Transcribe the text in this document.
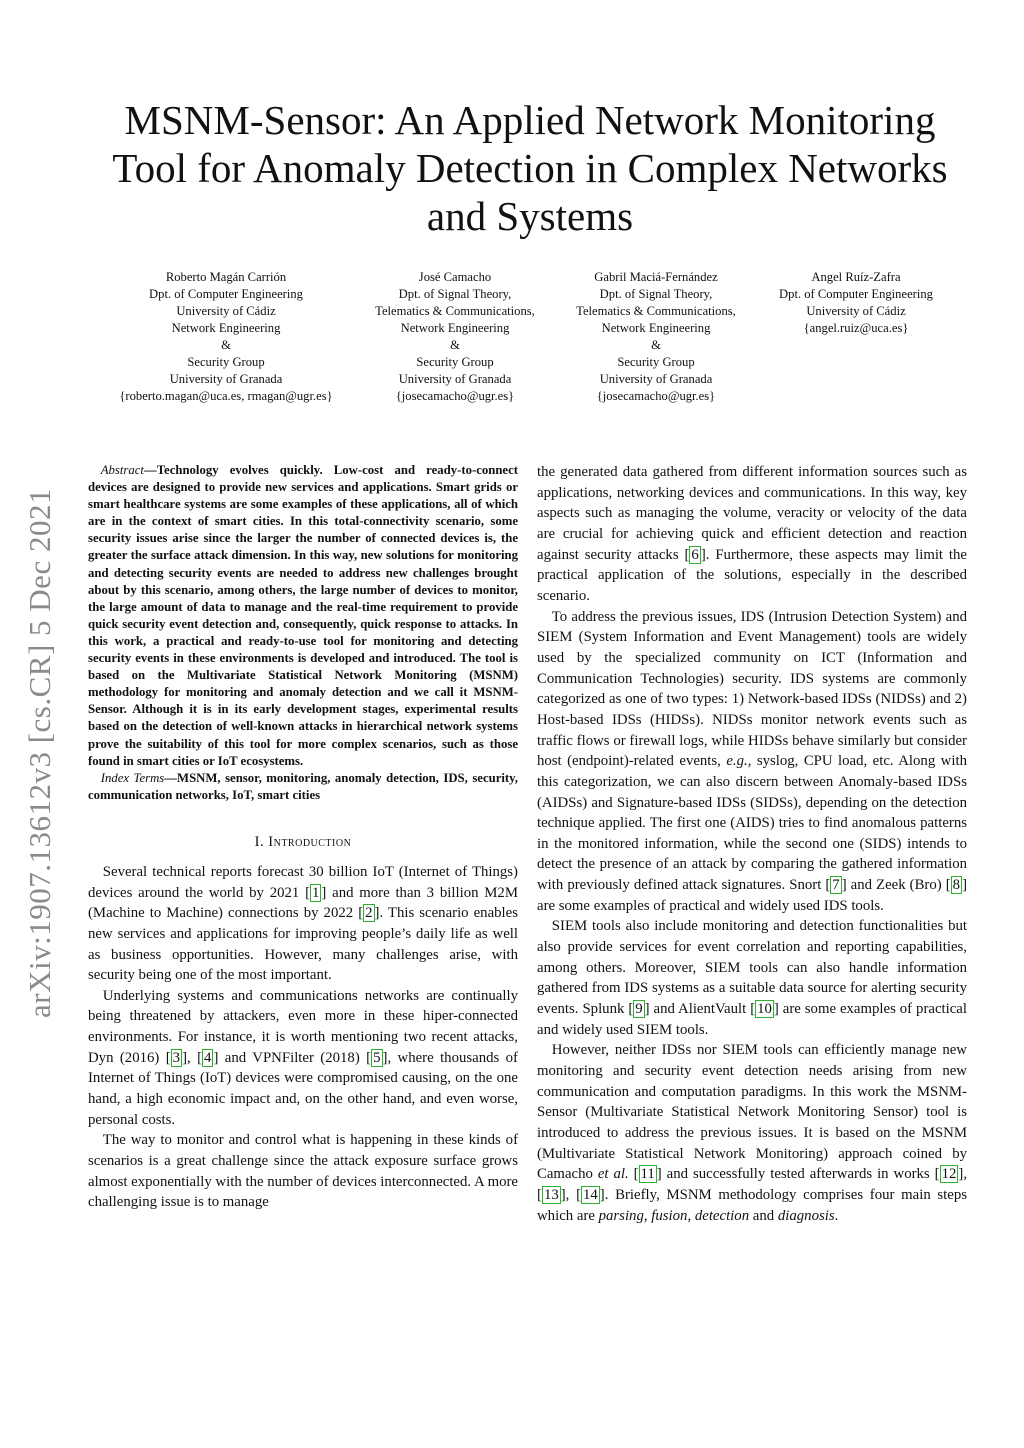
arXiv:1907.13612v3 [cs.CR] 5 Dec 2021
MSNM-Sensor: An Applied Network Monitoring
Tool for Anomaly Detection in Complex Networks
and Systems
Roberto Magán Carrión
Dpt. of Computer Engineering
University of Cádiz
Network Engineering
&
Security Group
University of Granada
{roberto.magan@uca.es, rmagan@ugr.es}
José Camacho
Dpt. of Signal Theory,
Telematics & Communications,
Network Engineering
&
Security Group
University of Granada
{josecamacho@ugr.es}
Gabril Maciá-Fernández
Dpt. of Signal Theory,
Telematics & Communications,
Network Engineering
&
Security Group
University of Granada
{josecamacho@ugr.es}
Angel Ruíz-Zafra
Dpt. of Computer Engineering
University of Cádiz
{angel.ruiz@uca.es}

Abstract—Technology evolves quickly. Low-cost and ready-to-connect devices are designed to provide new services and applications. Smart grids or smart healthcare systems are some examples of these applications, all of which are in the context of smart cities. In this total-connectivity scenario, some security issues arise since the larger the number of connected devices is, the greater the surface attack dimension. In this way, new solutions for monitoring and detecting security events are needed to address new challenges brought about by this scenario, among others, the large number of devices to monitor, the large amount of data to manage and the real-time requirement to provide quick security event detection and, consequently, quick response to attacks. In this work, a practical and ready-to-use tool for monitoring and detecting security events in these environments is developed and introduced. The tool is based on the Multivariate Statistical Network Monitoring (MSNM) methodology for monitoring and anomaly detection and we call it MSNM-Sensor. Although it is in its early development stages, experimental results based on the detection of well-known attacks in hierarchical network systems prove the suitability of this tool for more complex scenarios, such as those found in smart cities or IoT ecosystems.

Index Terms—MSNM, sensor, monitoring, anomaly detection, IDS, security, communication networks, IoT, smart cities

I. Introduction

Several technical reports forecast 30 billion IoT (Internet of Things) devices around the world by 2021 [ 1 ] and more than 3 billion M2M (Machine to Machine) connections by 2022 [ 2 ]. This scenario enables new services and applications for improving people’s daily life as well as business opportunities. However, many challenges arise, with security being one of the most important.

Underlying systems and communications networks are continually being threatened by attackers, even more in these hiper-connected environments. For instance, it is worth mentioning two recent attacks, Dyn (2016) [ 3 ], [ 4 ] and VPNFilter (2018) [ 5 ], where thousands of Internet of Things (IoT) devices were compromised causing, on the one hand, a high economic impact and, on the other hand, and even worse, personal costs.

The way to monitor and control what is happening in these kinds of scenarios is a great challenge since the attack exposure surface grows almost exponentially with the number of devices interconnected. A more challenging issue is to manage

the generated data gathered from different information sources such as applications, networking devices and communications. In this way, key aspects such as managing the volume, veracity or velocity of the data are crucial for achieving quick and efficient detection and reaction against security attacks [ 6 ]. Furthermore, these aspects may limit the practical application of the solutions, especially in the described scenario.

To address the previous issues, IDS (Intrusion Detection System) and SIEM (System Information and Event Management) tools are widely used by the specialized community on ICT (Information and Communication Technologies) security. IDS systems are commonly categorized as one of two types: 1) Network-based IDSs (NIDSs) and 2) Host-based IDSs (HIDSs). NIDSs monitor network events such as traffic flows or firewall logs, while HIDSs behave similarly but consider host (endpoint)-related events, e.g., syslog, CPU load, etc. Along with this categorization, we can also discern between Anomaly-based IDSs (AIDSs) and Signature-based IDSs (SIDSs), depending on the detection technique applied. The first one (AIDS) tries to find anomalous patterns in the monitored information, while the second one (SIDS) intends to detect the presence of an attack by comparing the gathered information with previously defined attack signatures. Snort [ 7 ] and Zeek (Bro) [ 8 ] are some examples of practical and widely used IDS tools.

SIEM tools also include monitoring and detection functionalities but also provide services for event correlation and reporting capabilities, among others. Moreover, SIEM tools can also handle information gathered from IDS systems as a suitable data source for alerting security events. Splunk [ 9 ] and AlientVault [ 10 ] are some examples of practical and widely used SIEM tools.

However, neither IDSs nor SIEM tools can efficiently manage new monitoring and security event detection needs arising from new communication and computation paradigms. In this work the MSNM-Sensor (Multivariate Statistical Network Monitoring Sensor) tool is introduced to address the previous issues. It is based on the MSNM (Multivariate Statistical Network Monitoring) approach coined by Camacho et al. [ 11 ] and successfully tested afterwards in works [ 12 ], [ 13 ], [ 14 ]. Briefly, MSNM methodology comprises four main steps which are parsing, fusion, detection and diagnosis.
